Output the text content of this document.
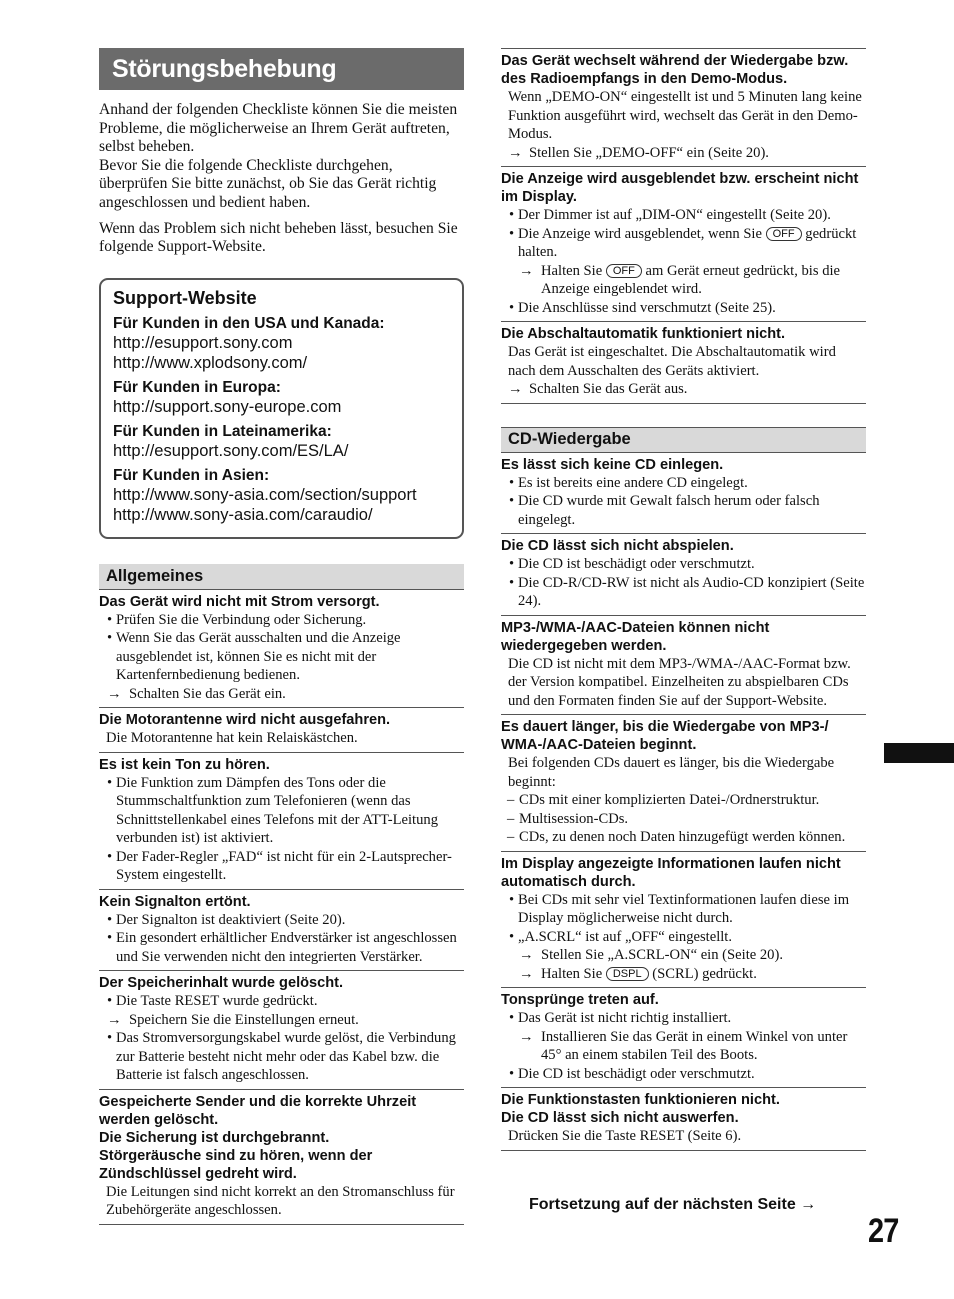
Störungsbehebung

Anhand der folgenden Checkliste können Sie die meisten Probleme, die möglicherweise an Ihrem Gerät auftreten, selbst beheben.

Bevor Sie die folgende Checkliste durchgehen, überprüfen Sie bitte zunächst, ob Sie das Gerät richtig angeschlossen und bedient haben.

Wenn das Problem sich nicht beheben lässt, besuchen Sie folgende Support-Website.

Support-Website
Für Kunden in den USA und Kanada:
http://esupport.sony.com
http://www.xplodsony.com/
Für Kunden in Europa:
http://support.sony-europe.com
Für Kunden in Lateinamerika:
http://esupport.sony.com/ES/LA/
Für Kunden in Asien:
http://www.sony-asia.com/section/support
http://www.sony-asia.com/caraudio/
Allgemeines
Das Gerät wird nicht mit Strom versorgt.
• Prüfen Sie die Verbindung oder Sicherung.
• Wenn Sie das Gerät ausschalten und die Anzeige ausgeblendet ist, können Sie es nicht mit der Kartenfernbedienung bedienen.
→ Schalten Sie das Gerät ein.
Die Motorantenne wird nicht ausgefahren.
Die Motorantenne hat kein Relaiskästchen.
Es ist kein Ton zu hören.
• Die Funktion zum Dämpfen des Tons oder die Stummschaltfunktion zum Telefonieren (wenn das Schnittstellenkabel eines Telefons mit der ATT-Leitung verbunden ist) ist aktiviert.
• Der Fader-Regler „FAD“ ist nicht für ein 2-Lautsprecher-System eingestellt.
Kein Signalton ertönt.
• Der Signalton ist deaktiviert (Seite 20).
• Ein gesondert erhältlicher Endverstärker ist angeschlossen und Sie verwenden nicht den integrierten Verstärker.
Der Speicherinhalt wurde gelöscht.
• Die Taste RESET wurde gedrückt.
→ Speichern Sie die Einstellungen erneut.
• Das Stromversorgungskabel wurde gelöst, die Verbindung zur Batterie besteht nicht mehr oder das Kabel bzw. die Batterie ist falsch angeschlossen.
Gespeicherte Sender und die korrekte Uhrzeit werden gelöscht.
Die Sicherung ist durchgebrannt.
Störgeräusche sind zu hören, wenn der Zündschlüssel gedreht wird.
Die Leitungen sind nicht korrekt an den Stromanschluss für Zubehörgeräte angeschlossen.
Das Gerät wechselt während der Wiedergabe bzw. des Radioempfangs in den Demo-Modus.
Wenn „DEMO-ON“ eingestellt ist und 5 Minuten lang keine Funktion ausgeführt wird, wechselt das Gerät in den Demo-Modus.
→ Stellen Sie „DEMO-OFF“ ein (Seite 20).
Die Anzeige wird ausgeblendet bzw. erscheint nicht im Display.
• Der Dimmer ist auf „DIM-ON“ eingestellt (Seite 20).
• Die Anzeige wird ausgeblendet, wenn Sie OFF gedrückt halten.
→ Halten Sie OFF am Gerät erneut gedrückt, bis die Anzeige eingeblendet wird.
• Die Anschlüsse sind verschmutzt (Seite 25).
Die Abschaltautomatik funktioniert nicht.
Das Gerät ist eingeschaltet. Die Abschaltautomatik wird nach dem Ausschalten des Geräts aktiviert.
→ Schalten Sie das Gerät aus.
CD-Wiedergabe
Es lässt sich keine CD einlegen.
• Es ist bereits eine andere CD eingelegt.
• Die CD wurde mit Gewalt falsch herum oder falsch eingelegt.
Die CD lässt sich nicht abspielen.
• Die CD ist beschädigt oder verschmutzt.
• Die CD-R/CD-RW ist nicht als Audio-CD konzipiert (Seite 24).
MP3-/WMA-/AAC-Dateien können nicht wiedergegeben werden.
Die CD ist nicht mit dem MP3-/WMA-/AAC-Format bzw. der Version kompatibel. Einzelheiten zu abspielbaren CDs und den Formaten finden Sie auf der Support-Website.
Es dauert länger, bis die Wiedergabe von MP3-/ WMA-/AAC-Dateien beginnt.
Bei folgenden CDs dauert es länger, bis die Wiedergabe beginnt:
– CDs mit einer komplizierten Datei-/Ordnerstruktur.
– Multisession-CDs.
– CDs, zu denen noch Daten hinzugefügt werden können.
Im Display angezeigte Informationen laufen nicht automatisch durch.
• Bei CDs mit sehr viel Textinformationen laufen diese im Display möglicherweise nicht durch.
• „A.SCRL“ ist auf „OFF“ eingestellt.
→ Stellen Sie „A.SCRL-ON“ ein (Seite 20).
→ Halten Sie DSPL (SCRL) gedrückt.
Tonsprünge treten auf.
• Das Gerät ist nicht richtig installiert.
→ Installieren Sie das Gerät in einem Winkel von unter 45° an einem stabilen Teil des Boots.
• Die CD ist beschädigt oder verschmutzt.
Die Funktionstasten funktionieren nicht.
Die CD lässt sich nicht auswerfen.
Drücken Sie die Taste RESET (Seite 6).
Fortsetzung auf der nächsten Seite →
27
